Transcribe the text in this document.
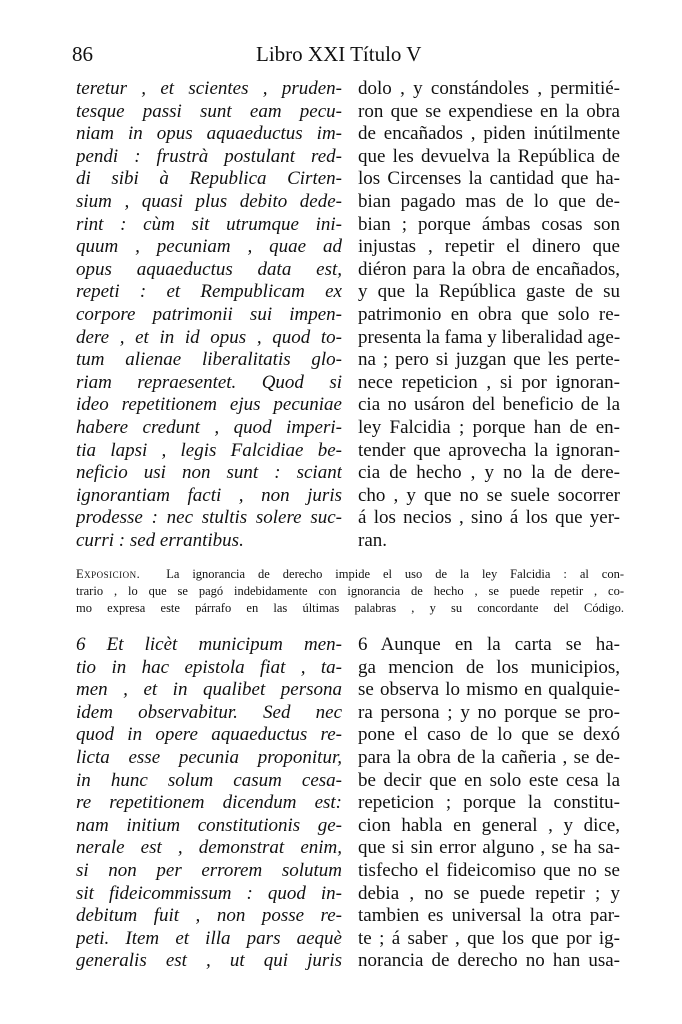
86	Libro XXI Título V
teretur , et scientes , pruden-
tesque passi sunt eam pecu-
niam in opus aquaeductus im-
pendi : frustrà postulant red-
di sibi à Republica Cirten-
sium , quasi plus debito dede-
rint : cùm sit utrumque ini-
quum , pecuniam , quae ad
opus aquaeductus data est,
repeti : et Rempublicam ex
corpore patrimonii sui impen-
dere , et in id opus , quod to-
tum alienae liberalitatis glo-
riam repraesentet. Quod si
ideo repetitionem ejus pecuniae
habere credunt , quod imperi-
tia lapsi , legis Falcidiae be-
neficio usi non sunt : sciant
ignorantiam facti , non juris
prodesse : nec stultis solere suc-
curri : sed errantibus.
dolo , y constándoles , permitié-
ron que se expendiese en la obra
de encañados , piden inútilmente
que les devuelva la República de
los Circenses la cantidad que ha-
bian pagado mas de lo que de-
bian ; porque ámbas cosas son
injustas , repetir el dinero que
diéron para la obra de encañados,
y que la República gaste de su
patrimonio en obra que solo re-
presenta la fama y liberalidad age-
na ; pero si juzgan que les perte-
nece repeticion , si por ignoran-
cia no usáron del beneficio de la
ley Falcidia ; porque han de en-
tender que aprovecha la ignoran-
cia de hecho , y no la de dere-
cho , y que no se suele socorrer
á los necios , sino á los que yer-
ran.
Exposicion. La ignorancia de derecho impide el uso de la ley Falcidia : al con-
trario , lo que se pagó indebidamente con ignorancia de hecho , se puede repetir , co-
mo expresa este párrafo en las últimas palabras , y su concordante del Código.
6 Et licèt municipum men-
tio in hac epistola fiat , ta-
men , et in qualibet persona
idem observabitur. Sed nec
quod in opere aquaeductus re-
licta esse pecunia proponitur,
in hunc solum casum cesa-
re repetitionem dicendum est:
nam initium constitutionis ge-
nerale est , demonstrat enim,
si non per errorem solutum
sit fideicommissum : quod in-
debitum fuit , non posse re-
peti. Item et illa pars aequè
generalis est , ut qui juris
6 Aunque en la carta se ha-
ga mencion de los municipios,
se observa lo mismo en qualquie-
ra persona ; y no porque se pro-
pone el caso de lo que se dexó
para la obra de la cañeria , se de-
be decir que en solo este cesa la
repeticion ; porque la constitu-
cion habla en general , y dice,
que si sin error alguno , se ha sa-
tisfecho el fideicomiso que no se
debia , no se puede repetir ; y
tambien es universal la otra par-
te ; á saber , que los que por ig-
norancia de derecho no han usa-
